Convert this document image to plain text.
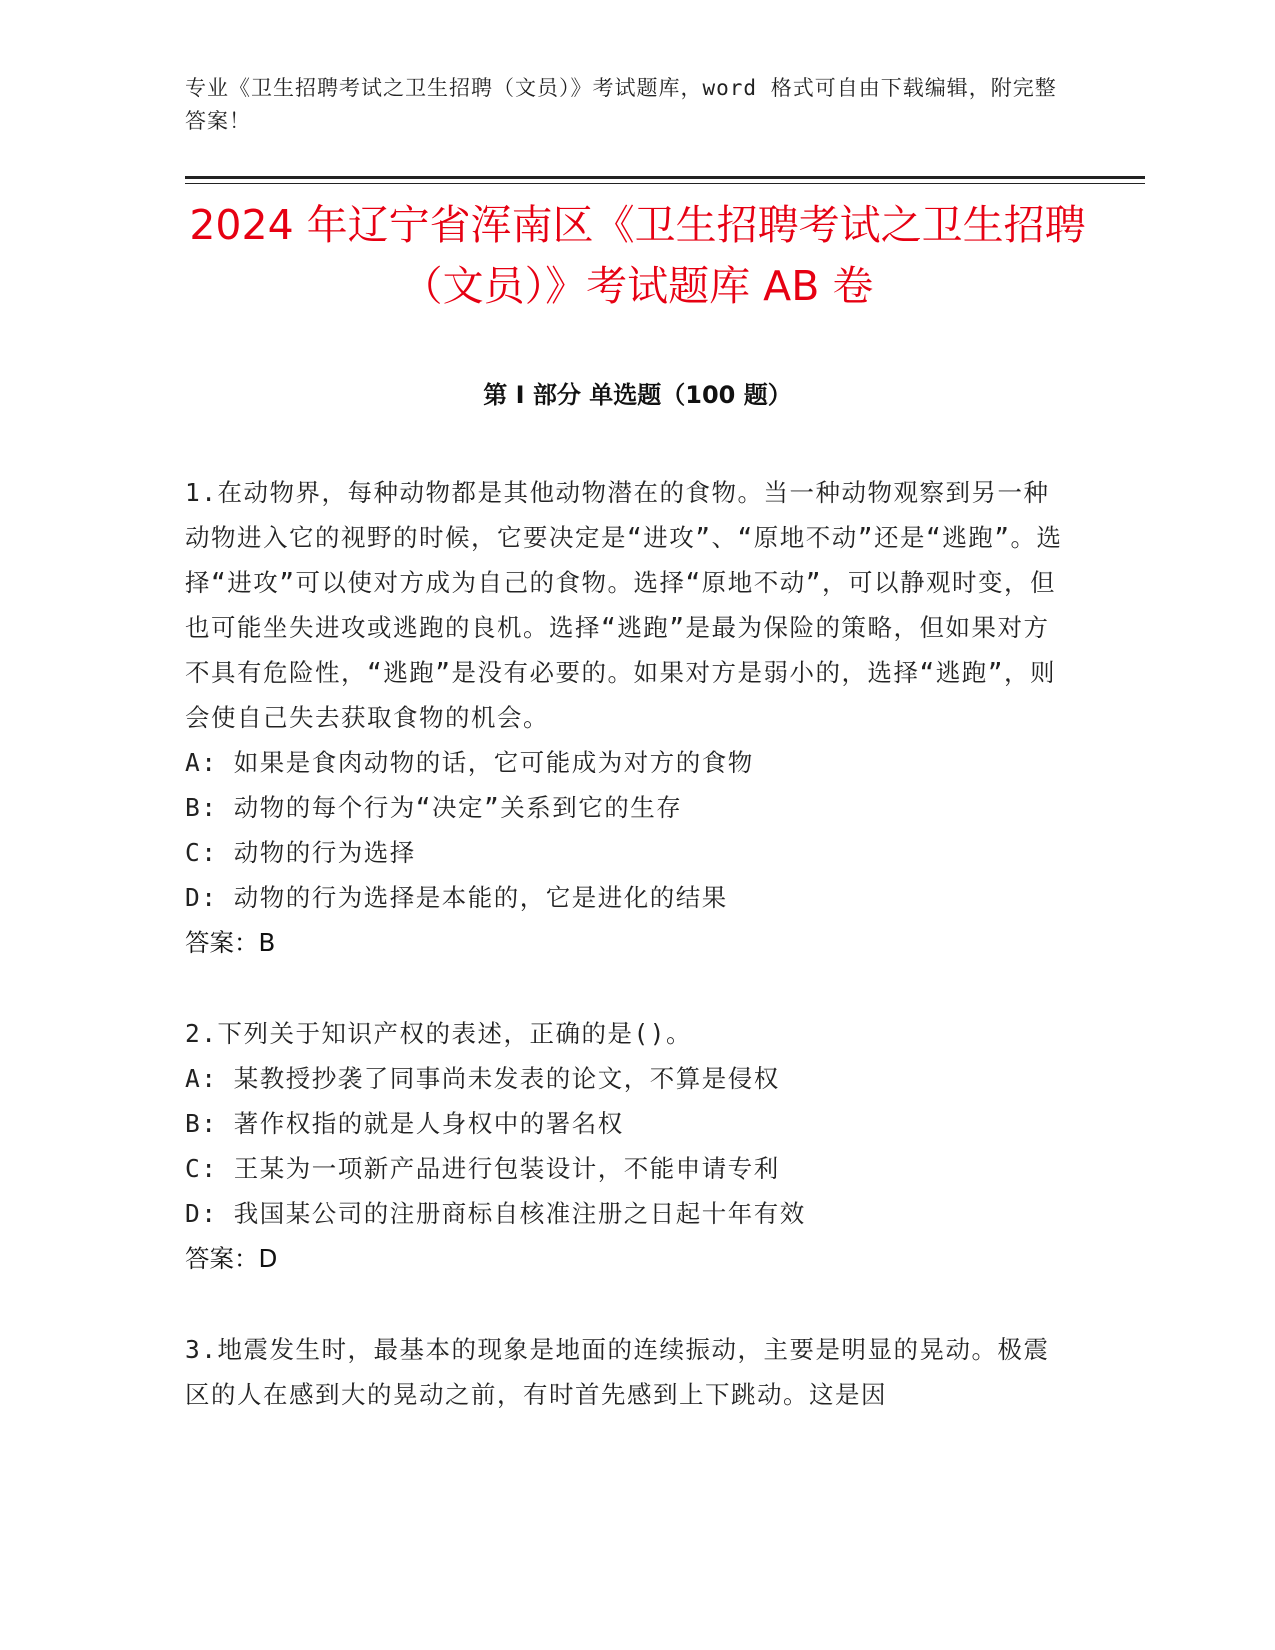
专业《卫生招聘考试之卫生招聘（文员）》考试题库，word 格式可自由下载编辑，附完整答案！
2024 年辽宁省浑南区《卫生招聘考试之卫生招聘（文员）》考试题库 AB 卷
第 I 部分 单选题（100 题）

1.在动物界，每种动物都是其他动物潜在的食物。当一种动物观察到另一种动物进入它的视野的时候，它要决定是“进攻”、“原地不动”还是“逃跑”。选择“进攻”可以使对方成为自己的食物。选择“原地不动”，可以静观时变，但也可能坐失进攻或逃跑的良机。选择“逃跑”是最为保险的策略，但如果对方不具有危险性，“逃跑”是没有必要的。如果对方是弱小的，选择“逃跑”，则会使自己失去获取食物的机会。

A: 如果是食肉动物的话，它可能成为对方的食物

B: 动物的每个行为“决定”关系到它的生存

C: 动物的行为选择

D: 动物的行为选择是本能的，它是进化的结果

答案：B

2.下列关于知识产权的表述，正确的是()。

A: 某教授抄袭了同事尚未发表的论文，不算是侵权

B: 著作权指的就是人身权中的署名权

C: 王某为一项新产品进行包装设计，不能申请专利

D: 我国某公司的注册商标自核准注册之日起十年有效

答案：D

3.地震发生时，最基本的现象是地面的连续振动，主要是明显的晃动。极震区的人在感到大的晃动之前，有时首先感到上下跳动。这是因
